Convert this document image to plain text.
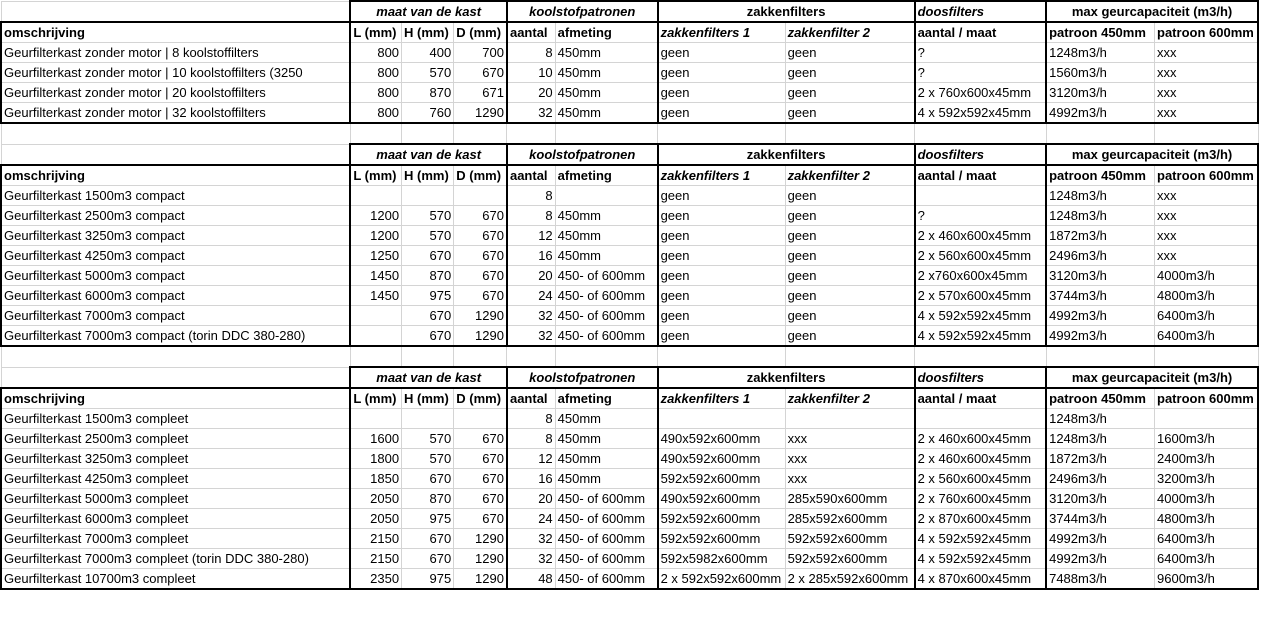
	maat van de kast			koolstofpatronen		zakkenfilters		doosfilters	max geurcapaciteit (m3/h)	
omschrijving	L (mm)	H (mm)	D (mm)	aantal	afmeting	zakkenfilters 1	zakkenfilter 2	aantal / maat	patroon 450mm	patroon 600mm
Geurfilterkast zonder motor | 8 koolstoffilters	800	400	700	8	450mm	geen	geen	?	1248m3/h	xxx
Geurfilterkast zonder motor | 10 koolstoffilters (3250	800	570	670	10	450mm	geen	geen	?	1560m3/h	xxx
Geurfilterkast zonder motor | 20 koolstoffilters	800	870	671	20	450mm	geen	geen	2 x 760x600x45mm	3120m3/h	xxx
Geurfilterkast zonder motor | 32 koolstoffilters	800	760	1290	32	450mm	geen	geen	4 x 592x592x45mm	4992m3/h	xxx

	maat van de kast			koolstofpatronen		zakkenfilters		doosfilters	max geurcapaciteit (m3/h)	
omschrijving	L (mm)	H (mm)	D (mm)	aantal	afmeting	zakkenfilters 1	zakkenfilter 2	aantal / maat	patroon 450mm	patroon 600mm
Geurfilterkast 1500m3 compact				8		geen	geen		1248m3/h	xxx
Geurfilterkast 2500m3 compact	1200	570	670	8	450mm	geen	geen	?	1248m3/h	xxx
Geurfilterkast 3250m3 compact	1200	570	670	12	450mm	geen	geen	2 x 460x600x45mm	1872m3/h	xxx
Geurfilterkast 4250m3 compact	1250	670	670	16	450mm	geen	geen	2 x 560x600x45mm	2496m3/h	xxx
Geurfilterkast 5000m3 compact	1450	870	670	20	450- of 600mm	geen	geen	2 x760x600x45mm	3120m3/h	4000m3/h
Geurfilterkast 6000m3 compact	1450	975	670	24	450- of 600mm	geen	geen	2 x 570x600x45mm	3744m3/h	4800m3/h
Geurfilterkast 7000m3 compact		670	1290	32	450- of 600mm	geen	geen	4 x 592x592x45mm	4992m3/h	6400m3/h
Geurfilterkast 7000m3 compact (torin DDC 380-280)		670	1290	32	450- of 600mm	geen	geen	4 x 592x592x45mm	4992m3/h	6400m3/h

	maat van de kast			koolstofpatronen		zakkenfilters		doosfilters	max geurcapaciteit (m3/h)	
omschrijving	L (mm)	H (mm)	D (mm)	aantal	afmeting	zakkenfilters 1	zakkenfilter 2	aantal / maat	patroon 450mm	patroon 600mm
Geurfilterkast 1500m3 compleet				8	450mm				1248m3/h	
Geurfilterkast 2500m3 compleet	1600	570	670	8	450mm	490x592x600mm	xxx	2 x 460x600x45mm	1248m3/h	1600m3/h
Geurfilterkast 3250m3 compleet	1800	570	670	12	450mm	490x592x600mm	xxx	2 x 460x600x45mm	1872m3/h	2400m3/h
Geurfilterkast 4250m3 compleet	1850	670	670	16	450mm	592x592x600mm	xxx	2 x 560x600x45mm	2496m3/h	3200m3/h
Geurfilterkast 5000m3 compleet	2050	870	670	20	450- of 600mm	490x592x600mm	285x590x600mm	2 x 760x600x45mm	3120m3/h	4000m3/h
Geurfilterkast 6000m3 compleet	2050	975	670	24	450- of 600mm	592x592x600mm	285x592x600mm	2 x 870x600x45mm	3744m3/h	4800m3/h
Geurfilterkast 7000m3 compleet	2150	670	1290	32	450- of 600mm	592x592x600mm	592x592x600mm	4 x 592x592x45mm	4992m3/h	6400m3/h
Geurfilterkast 7000m3 compleet (torin DDC 380-280)	2150	670	1290	32	450- of 600mm	592x5982x600mm	592x592x600mm	4 x 592x592x45mm	4992m3/h	6400m3/h
Geurfilterkast 10700m3 compleet	2350	975	1290	48	450- of 600mm	2 x 592x592x600mm	2 x 285x592x600mm	4 x 870x600x45mm	7488m3/h	9600m3/h
